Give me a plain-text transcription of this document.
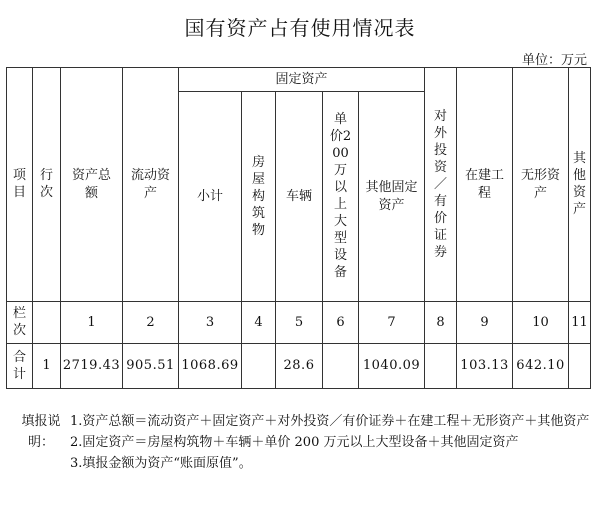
国有资产占有使用情况表
单位：万元
项目	行次	资产总额	流动资产	固定资产					对外投资／有价证券	在建工程	无形资产	其他资产
				小计	房屋构筑物	车辆	单价200万以上大型设备	其他固定资产				
栏次		1	2	3	4	5	6	7	8	9	10	11
合计	1	2719.43	905.51	1068.69		28.6		1040.09		103.13	642.10	
填报说明：
1.资产总额＝流动资产＋固定资产＋对外投资／有价证券＋在建工程＋无形资产＋其他资产
2.固定资产＝房屋构筑物＋车辆＋单价 200 万元以上大型设备＋其他固定资产
3.填报金额为资产“账面原值”。
